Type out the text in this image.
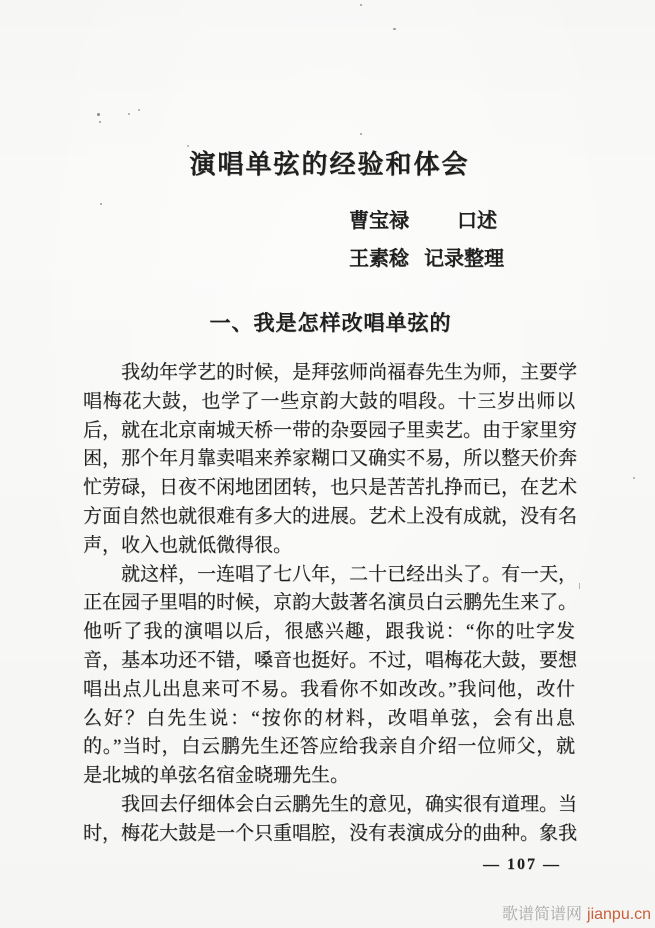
演唱单弦的经验和体会
曹宝禄 口述
王素稔 记录整理
一、我是怎样改唱单弦的
我幼年学艺的时候，是拜弦师尚福春先生为师，主要学
唱梅花大鼓，也学了一些京韵大鼓的唱段。十三岁出师以
后，就在北京南城天桥一带的杂耍园子里卖艺。由于家里穷
困，那个年月靠卖唱来养家糊口又确实不易，所以整天价奔
忙劳碌，日夜不闲地团团转，也只是苦苦扎挣而已，在艺术
方面自然也就很难有多大的进展。艺术上没有成就，没有名
声，收入也就低微得很。
就这样，一连唱了七八年，二十已经出头了。有一天，
正在园子里唱的时候，京韵大鼓著名演员白云鹏先生来了。
他听了我的演唱以后，很感兴趣，跟我说：“你的吐字发
音，基本功还不错，嗓音也挺好。不过，唱梅花大鼓，要想
唱出点儿出息来可不易。我看你不如改改。”我问他，改什
么好？白先生说：“按你的材料，改唱单弦，会有出息
的。”当时，白云鹏先生还答应给我亲自介绍一位师父，就
是北城的单弦名宿金晓珊先生。
我回去仔细体会白云鹏先生的意见，确实很有道理。当
时，梅花大鼓是一个只重唱腔，没有表演成分的曲种。象我
— 107 —
歌谱简谱网 jianpu.cn
